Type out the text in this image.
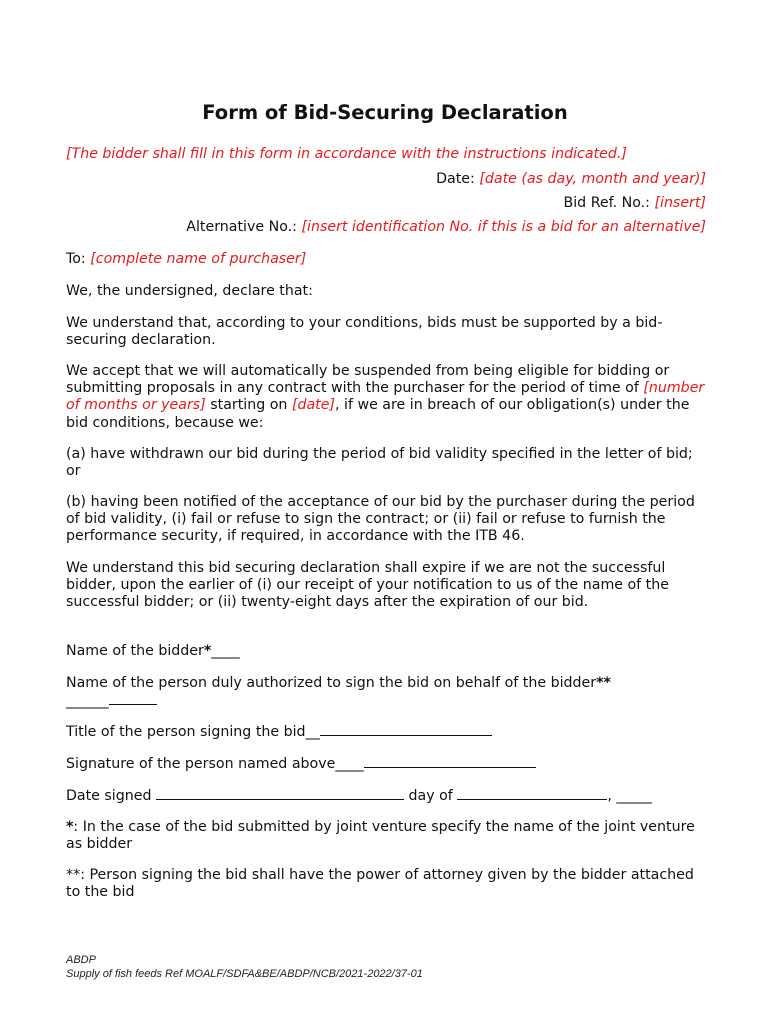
Form of Bid-Securing Declaration

[The bidder shall fill in this form in accordance with the instructions indicated.]

Date: [date (as day, month and year)]

Bid Ref. No.: [insert]

Alternative No.: [insert identification No. if this is a bid for an alternative]

To: [complete name of purchaser]

We, the undersigned, declare that:

We understand that, according to your conditions, bids must be supported by a bid-securing declaration.

We accept that we will automatically be suspended from being eligible for bidding or submitting proposals in any contract with the purchaser for the period of time of [number of months or years] starting on [date], if we are in breach of our obligation(s) under the bid conditions, because we:

(a) have withdrawn our bid during the period of bid validity specified in the letter of bid; or

(b) having been notified of the acceptance of our bid by the purchaser during the period of bid validity, (i) fail or refuse to sign the contract; or (ii) fail or refuse to furnish the performance security, if required, in accordance with the ITB 46.

We understand this bid securing declaration shall expire if we are not the successful bidder, upon the earlier of (i) our receipt of your notification to us of the name of the successful bidder; or (ii) twenty-eight days after the expiration of our bid.

Name of the bidder*____

Name of the person duly authorized to sign the bid on behalf of the bidder**
______

Title of the person signing the bid__

Signature of the person named above____

Date signed	day of	, _____

*: In the case of the bid submitted by joint venture specify the name of the joint venture as bidder

**: Person signing the bid shall have the power of attorney given by the bidder attached to the bid

ABDP
Supply of fish feeds Ref MOALF/SDFA&BE/ABDP/NCB/2021-2022/37-01
